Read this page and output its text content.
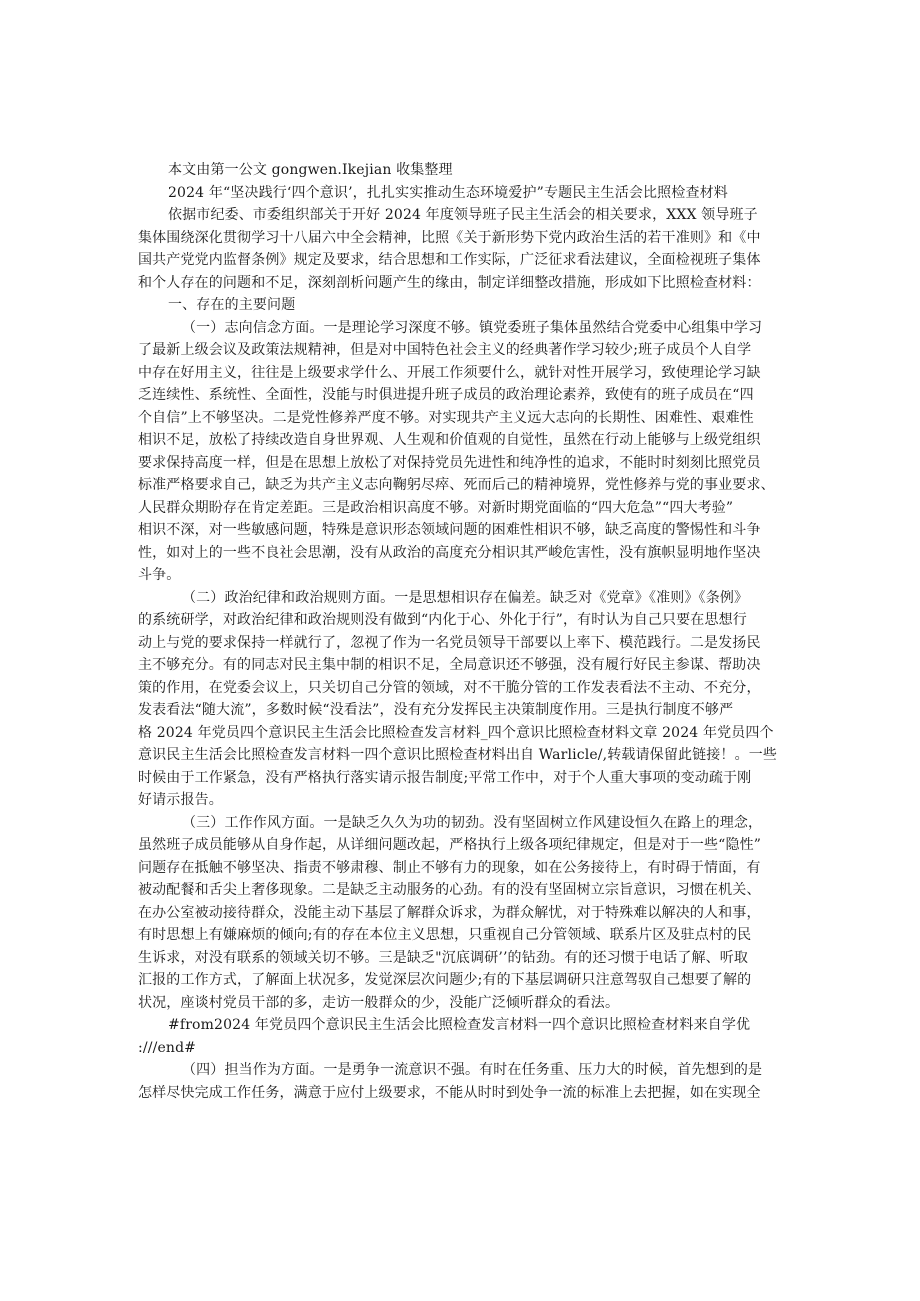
本文由第一公文 gongwen.Ikejian 收集整理
2024 年“坚决践行‘四个意识’，扎扎实实推动生态环境爱护”专题民主生活会比照检查材料
依据市纪委、市委组织部关于开好 2024 年度领导班子民主生活会的相关要求，XXX 领导班子
集体围绕深化贯彻学习十八届六中全会精神，比照《关于新形势下党内政治生活的若干准则》和《中
国共产党党内监督条例》规定及要求，结合思想和工作实际，广泛征求看法建议，全面检视班子集体
和个人存在的问题和不足，深刻剖析问题产生的缘由，制定详细整改措施，形成如下比照检查材料：
一、存在的主要问题
（一）志向信念方面。一是理论学习深度不够。镇党委班子集体虽然结合党委中心组集中学习
了最新上级会议及政策法规精神，但是对中国特色社会主义的经典著作学习较少;班子成员个人自学
中存在好用主义，往往是上级要求学什么、开展工作须要什么，就针对性开展学习，致使理论学习缺
乏连续性、系统性、全面性，没能与时俱进提升班子成员的政治理论素养，致使有的班子成员在“四
个自信”上不够坚决。二是党性修养严度不够。对实现共产主义远大志向的长期性、困难性、艰难性
相识不足，放松了持续改造自身世界观、人生观和价值观的自觉性，虽然在行动上能够与上级党组织
要求保持高度一样，但是在思想上放松了对保持党员先进性和纯净性的追求，不能时时刻刻比照党员
标准严格要求自己，缺乏为共产主义志向鞠躬尽瘁、死而后己的精神境界，党性修养与党的事业要求、
人民群众期盼存在肯定差距。三是政治相识高度不够。对新时期党面临的“四大危急”“四大考验”
相识不深，对一些敏感问题，特殊是意识形态领域问题的困难性相识不够，缺乏高度的警惕性和斗争
性，如对上的一些不良社会思潮，没有从政治的高度充分相识其严峻危害性，没有旗帜显明地作坚决
斗争。
（二）政治纪律和政治规则方面。一是思想相识存在偏差。缺乏对《党章》《准则》《条例》
的系统研学，对政治纪律和政治规则没有做到“内化于心、外化于行”，有时认为自己只要在思想行
动上与党的要求保持一样就行了，忽视了作为一名党员领导干部要以上率下、模范践行。二是发扬民
主不够充分。有的同志对民主集中制的相识不足，全局意识还不够强，没有履行好民主参谋、帮助决
策的作用，在党委会议上，只关切自己分管的领域，对不干脆分管的工作发表看法不主动、不充分，
发表看法“随大流”，多数时候“没看法”，没有充分发挥民主决策制度作用。三是执行制度不够严
格 2024 年党员四个意识民主生活会比照检查发言材料_四个意识比照检查材料文章 2024 年党员四个
意识民主生活会比照检查发言材料一四个意识比照检查材料出自 Warlicle/,转载请保留此链接！。一些
时候由于工作紧急，没有严格执行落实请示报告制度;平常工作中，对于个人重大事项的变动疏于刚
好请示报告。
（三）工作作风方面。一是缺乏久久为功的韧劲。没有坚固树立作风建设恒久在路上的理念，
虽然班子成员能够从自身作起，从详细问题改起，严格执行上级各项纪律规定，但是对于一些“隐性”
问题存在抵触不够坚决、指责不够肃穆、制止不够有力的现象，如在公务接待上，有时碍于情面，有
被动配餐和舌尖上奢侈现象。二是缺乏主动服务的心劲。有的没有坚固树立宗旨意识，习惯在机关、
在办公室被动接待群众，没能主动下基层了解群众诉求，为群众解忧，对于特殊难以解决的人和事，
有时思想上有嫌麻烦的倾向;有的存在本位主义思想，只重视自己分管领域、联系片区及驻点村的民
生诉求，对没有联系的领域关切不够。三是缺乏"沉底调研’’的钻劲。有的还习惯于电话了解、听取
汇报的工作方式，了解面上状况多，发觉深层次问题少;有的下基层调研只注意驾驭自己想要了解的
状况，座谈村党员干部的多，走访一般群众的少，没能广泛倾听群众的看法。
#from2024 年党员四个意识民主生活会比照检查发言材料一四个意识比照检查材料来自学优
:///end#
（四）担当作为方面。一是勇争一流意识不强。有时在任务重、压力大的时候，首先想到的是
怎样尽快完成工作任务，满意于应付上级要求，不能从时时到处争一流的标准上去把握，如在实现全
